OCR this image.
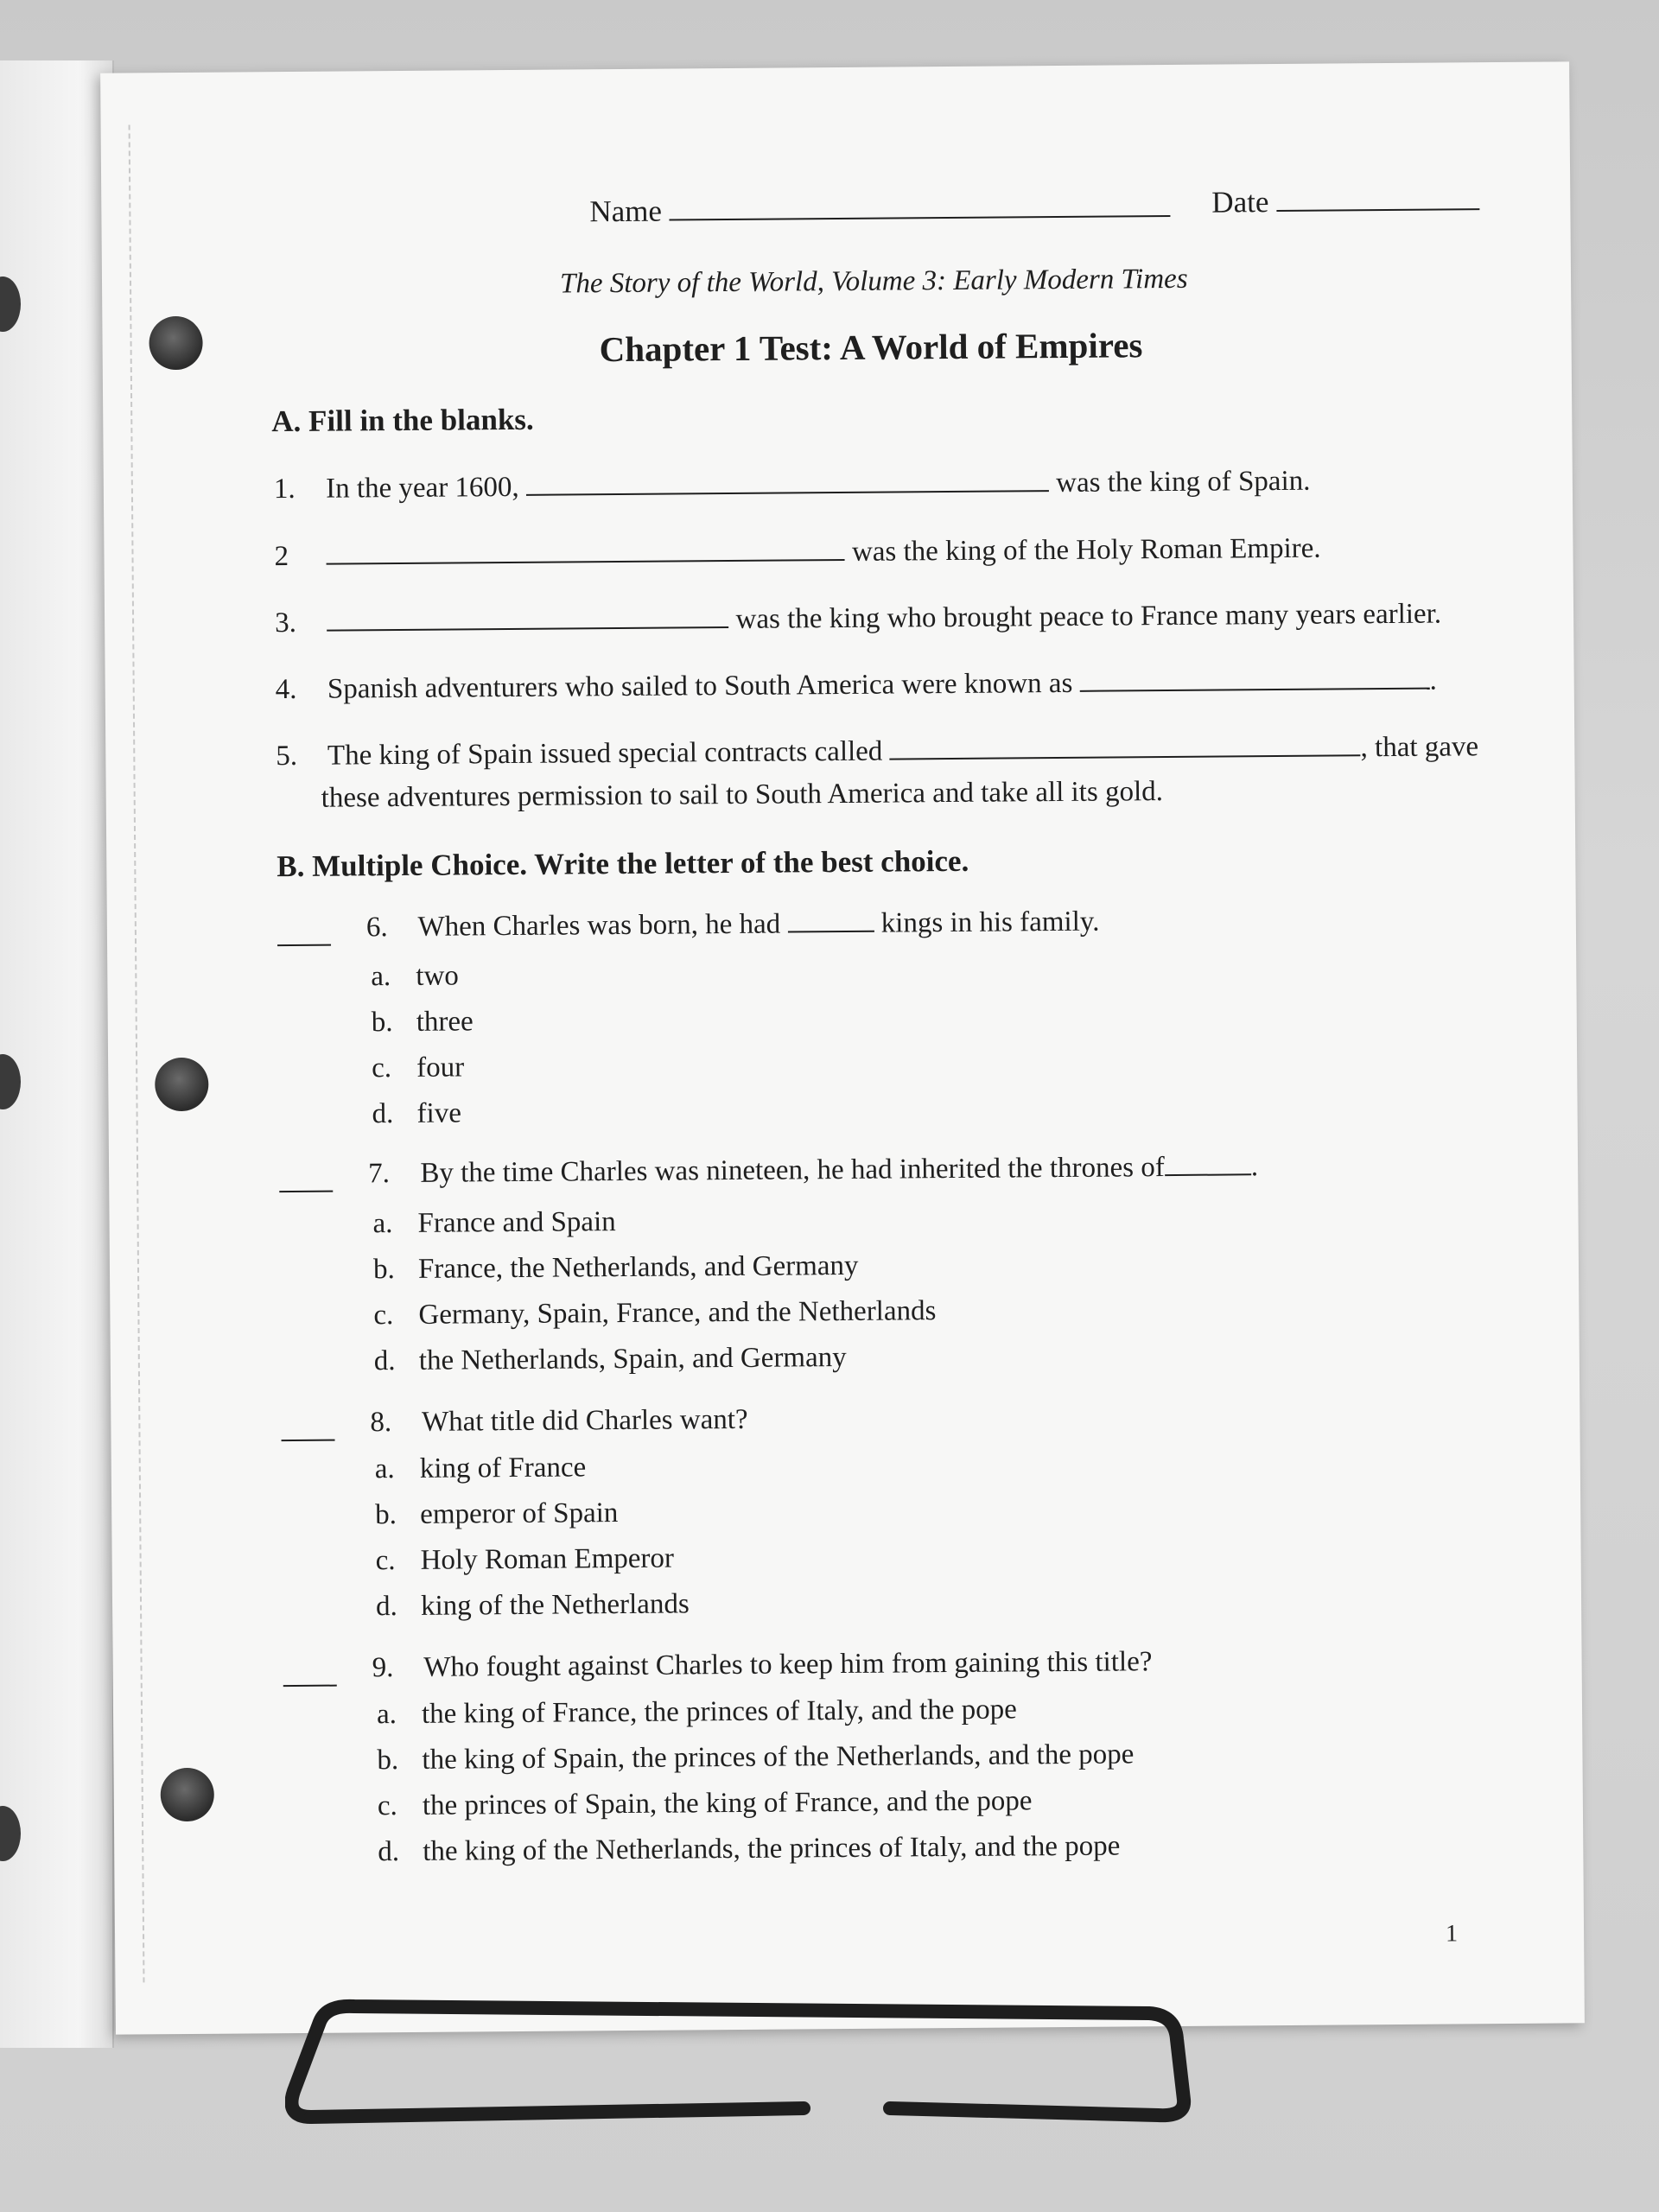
Name	Date
The Story of the World, Volume 3: Early Modern Times
Chapter 1 Test: A World of Empires
A. Fill in the blanks.
1. In the year 1600,	was the king of Spain.
2	was the king of the Holy Roman Empire.
3.	was the king who brought peace to France many years earlier.
4. Spanish adventurers who sailed to South America were known as	.
5. The king of Spain issued special contracts called	, that gave
these adventures permission to sail to South America and take all its gold.
B. Multiple Choice. Write the letter of the best choice.
6. When Charles was born, he had	kings in his family.
a. two
b. three
c. four
d. five
7. By the time Charles was nineteen, he had inherited the thrones of	.
a. France and Spain
b. France, the Netherlands, and Germany
c. Germany, Spain, France, and the Netherlands
d. the Netherlands, Spain, and Germany
8. What title did Charles want?
a. king of France
b. emperor of Spain
c. Holy Roman Emperor
d. king of the Netherlands
9. Who fought against Charles to keep him from gaining this title?
a. the king of France, the princes of Italy, and the pope
b. the king of Spain, the princes of the Netherlands, and the pope
c. the princes of Spain, the king of France, and the pope
d. the king of the Netherlands, the princes of Italy, and the pope
1
